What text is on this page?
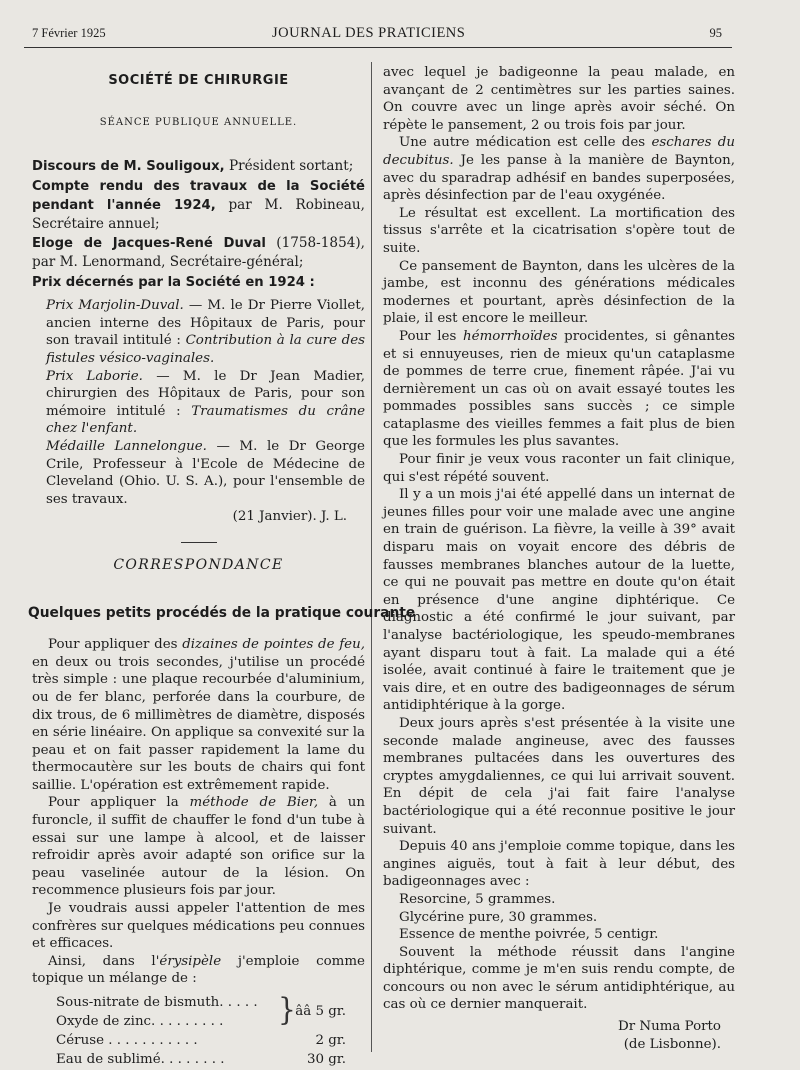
7 Février 1925	JOURNAL DES PRATICIENS	95
SOCIÉTÉ DE CHIRURGIE
SÉANCE PUBLIQUE ANNUELLE.

Discours de M. Souligoux, Président sortant;

Compte rendu des travaux de la Société pendant l'année 1924, par M. Robineau, Secrétaire annuel;

Eloge de Jacques-René Duval (1758-1854), par M. Lenormand, Secrétaire-général;

Prix décernés par la Société en 1924 :

Prix Marjolin-Duval. — M. le Dr Pierre Viollet, ancien interne des Hôpitaux de Paris, pour son travail intitulé : Contribution à la cure des fistules vésico-vaginales.

Prix Laborie. — M. le Dr Jean Madier, chirurgien des Hôpitaux de Paris, pour son mémoire intitulé : Traumatismes du crâne chez l'enfant.

Médaille Lannelongue. — M. le Dr George Crile, Professeur à l'Ecole de Médecine de Cleveland (Ohio. U. S. A.), pour l'ensemble de ses travaux.

(21 Janvier). J. L.

CORRESPONDANCE
Quelques petits procédés de la pratique courante

Pour appliquer des dizaines de pointes de feu, en deux ou trois secondes, j'utilise un procédé très simple : une plaque recourbée d'aluminium, ou de fer blanc, perforée dans la courbure, de dix trous, de 6 millimètres de diamètre, disposés en série linéaire. On applique sa convexité sur la peau et on fait passer rapidement la lame du thermocautère sur les bouts de chairs qui font saillie. L'opération est extrêmement rapide.

Pour appliquer la méthode de Bier, à un furoncle, il suffit de chauffer le fond d'un tube à essai sur une lampe à alcool, et de laisser refroidir après avoir adapté son orifice sur la peau vaselinée autour de la lésion. On recommence plusieurs fois par jour.

Je voudrais aussi appeler l'attention de mes confrères sur quelques médications peu connues et efficaces.

Ainsi, dans l'érysipèle j'emploie comme topique un mélange de :

Sous-nitrate de bismuth. . . . .
Oxyde de zinc. . . . . . . . . } ââ 5 gr.
Céruse . . . . . . . . . . .	2 gr.
Eau de sublimé. . . . . . . .	30 gr.

avec lequel je badigeonne la peau malade, en avançant de 2 centimètres sur les parties saines. On couvre avec un linge après avoir séché. On répète le pansement, 2 ou trois fois par jour.

Une autre médication est celle des eschares du decubitus. Je les panse à la manière de Baynton, avec du sparadrap adhésif en bandes superposées, après désinfection par de l'eau oxygénée.

Le résultat est excellent. La mortification des tissus s'arrête et la cicatrisation s'opère tout de suite.

Ce pansement de Baynton, dans les ulcères de la jambe, est inconnu des générations médicales modernes et pourtant, après désinfection de la plaie, il est encore le meilleur.

Pour les hémorrhoïdes procidentes, si gênantes et si ennuyeuses, rien de mieux qu'un cataplasme de pommes de terre crue, finement râpée. J'ai vu dernièrement un cas où on avait essayé toutes les pommades possibles sans succès ; ce simple cataplasme des vieilles femmes a fait plus de bien que les formules les plus savantes.

Pour finir je veux vous raconter un fait clinique, qui s'est répété souvent.

Il y a un mois j'ai été appellé dans un internat de jeunes filles pour voir une malade avec une angine en train de guérison. La fièvre, la veille à 39° avait disparu mais on voyait encore des débris de fausses membranes blanches autour de la luette, ce qui ne pouvait pas mettre en doute qu'on était en présence d'une angine diphtérique. Ce diagnostic a été confirmé le jour suivant, par l'analyse bactériologique, les speudo-membranes ayant disparu tout à fait. La malade qui a été isolée, avait continué à faire le traitement que je vais dire, et en outre des badigeonnages de sérum antidiphtérique à la gorge.

Deux jours après s'est présentée à la visite une seconde malade angineuse, avec des fausses membranes pultacées dans les ouvertures des cryptes amygdaliennes, ce qui lui arrivait souvent. En dépit de cela j'ai fait faire l'analyse bactériologique qui a été reconnue positive le jour suivant.

Depuis 40 ans j'emploie comme topique, dans les angines aiguës, tout à fait à leur début, des badigeonnages avec :

Resorcine, 5 grammes.

Glycérine pure, 30 grammes.

Essence de menthe poivrée, 5 centigr.

Souvent la méthode réussit dans l'angine diphtérique, comme je m'en suis rendu compte, de concours ou non avec le sérum antidiphtérique, au cas où ce dernier manquerait.

Dr Numa Porto
(de Lisbonne).
